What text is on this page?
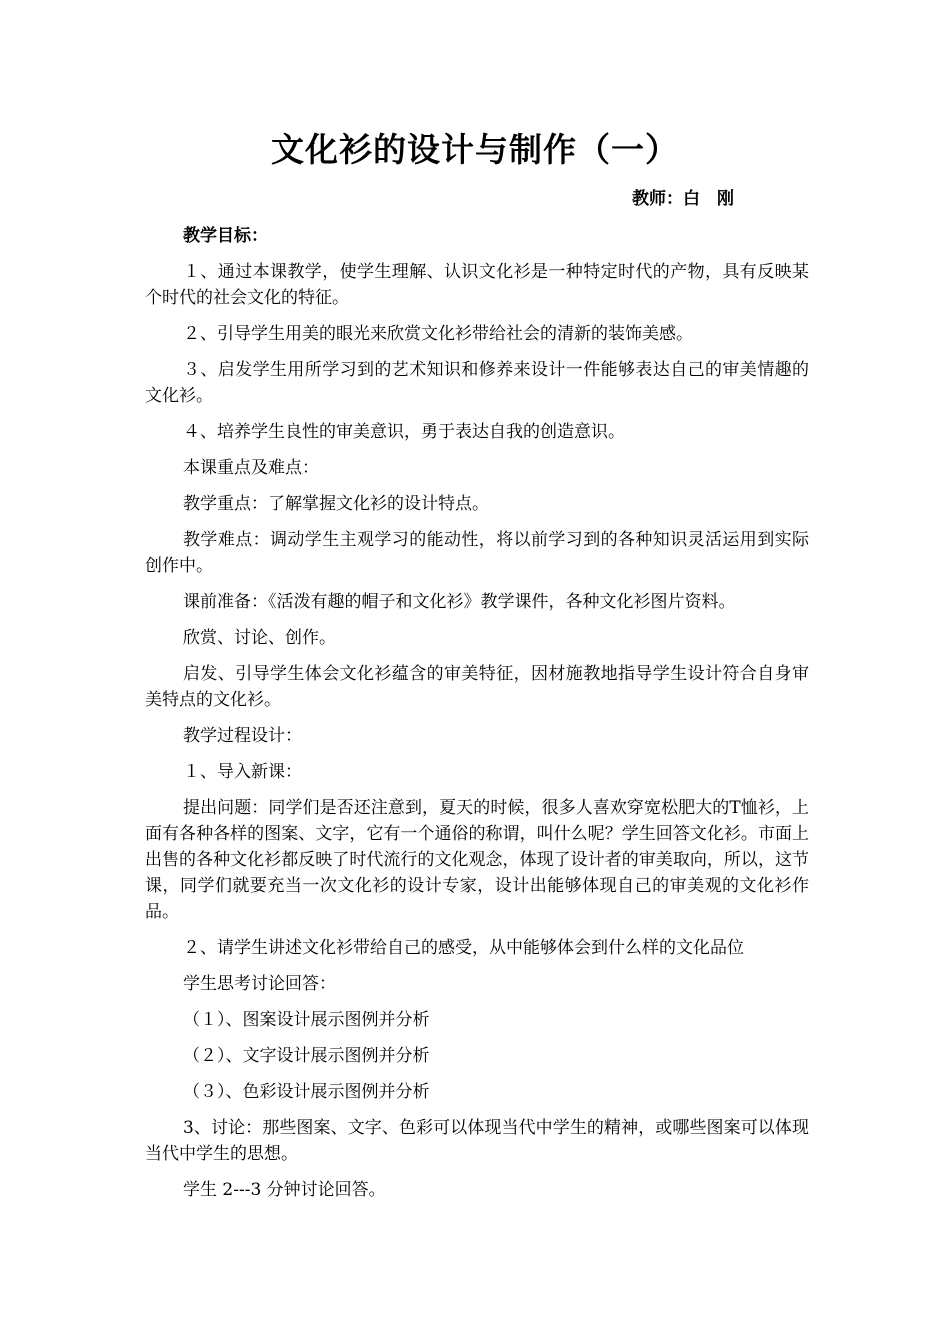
文化衫的设计与制作（一）
教师：白　刚

教学目标：

１、通过本课教学，使学生理解、认识文化衫是一种特定时代的产物，具有反映某个时代的社会文化的特征。

２、引导学生用美的眼光来欣赏文化衫带给社会的清新的装饰美感。

３、启发学生用所学习到的艺术知识和修养来设计一件能够表达自己的审美情趣的文化衫。

４、培养学生良性的审美意识，勇于表达自我的创造意识。

本课重点及难点：

教学重点：了解掌握文化衫的设计特点。

教学难点：调动学生主观学习的能动性，将以前学习到的各种知识灵活运用到实际创作中。

课前准备：《活泼有趣的帽子和文化衫》教学课件，各种文化衫图片资料。

欣赏、讨论、创作。

启发、引导学生体会文化衫蕴含的审美特征，因材施教地指导学生设计符合自身审美特点的文化衫。

教学过程设计：

１、导入新课：

提出问题：同学们是否还注意到，夏天的时候，很多人喜欢穿宽松肥大的T恤衫，上面有各种各样的图案、文字，它有一个通俗的称谓，叫什么呢？学生回答文化衫。市面上出售的各种文化衫都反映了时代流行的文化观念，体现了设计者的审美取向，所以，这节课，同学们就要充当一次文化衫的设计专家，设计出能够体现自己的审美观的文化衫作品。

２、请学生讲述文化衫带给自己的感受，从中能够体会到什么样的文化品位

学生思考讨论回答：

（１）、图案设计展示图例并分析

（２）、文字设计展示图例并分析

（３）、色彩设计展示图例并分析

3、讨论：那些图案、文字、色彩可以体现当代中学生的精神，或哪些图案可以体现当代中学生的思想。

学生 2---3 分钟讨论回答。
